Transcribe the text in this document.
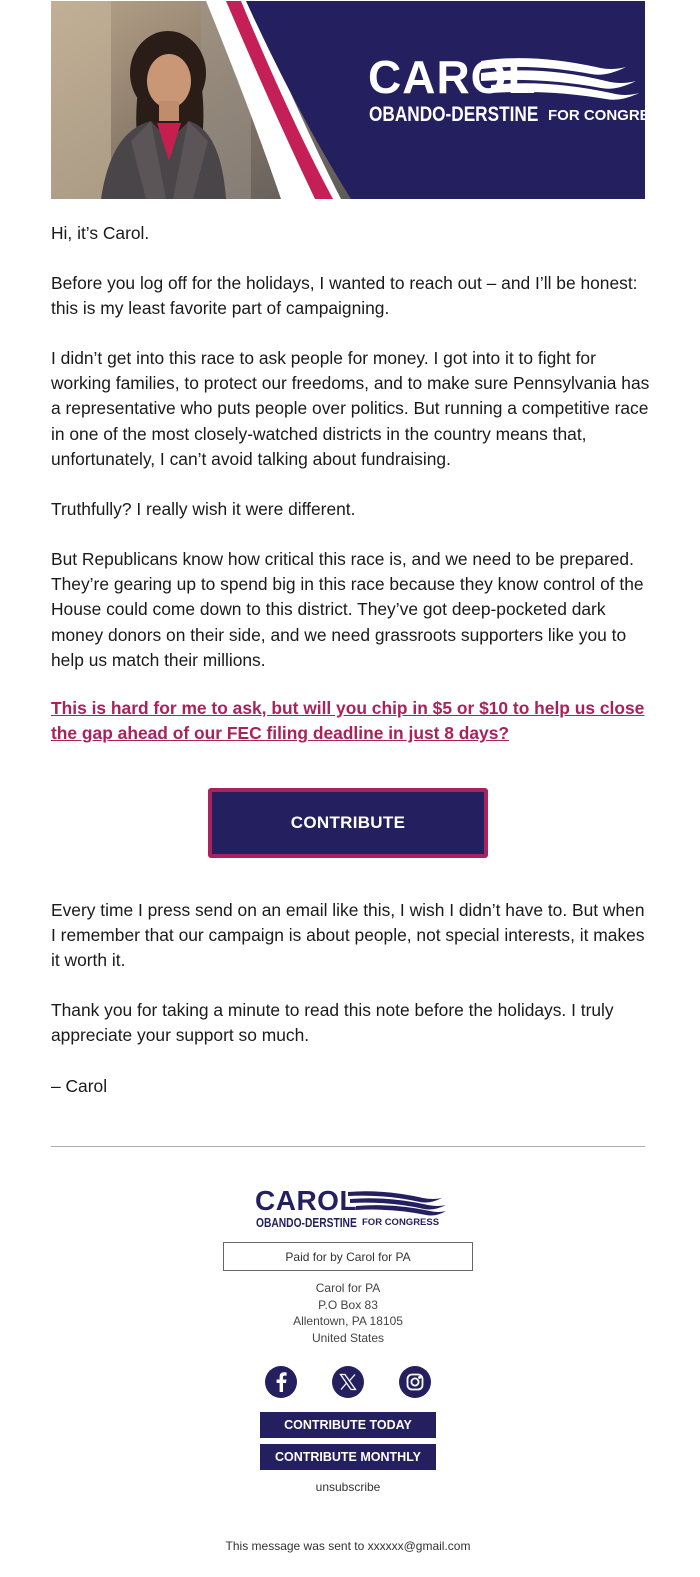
CAROL
OBANDO-DERSTINE FOR CONGRESS
Hi, it’s Carol.
Before you log off for the holidays, I wanted to reach out – and I’ll be honest: this is my least favorite part of campaigning.
I didn’t get into this race to ask people for money. I got into it to fight for working families, to protect our freedoms, and to make sure Pennsylvania has a representative who puts people over politics. But running a competitive race in one of the most closely-watched districts in the country means that, unfortunately, I can’t avoid talking about fundraising.
Truthfully? I really wish it were different.
But Republicans know how critical this race is, and we need to be prepared. They’re gearing up to spend big in this race because they know control of the House could come down to this district. They’ve got deep-pocketed dark money donors on their side, and we need grassroots supporters like you to help us match their millions.
This is hard for me to ask, but will you chip in $5 or $10 to help us close the gap ahead of our FEC filing deadline in just 8 days?
CONTRIBUTE
Every time I press send on an email like this, I wish I didn’t have to. But when I remember that our campaign is about people, not special interests, it makes it worth it.
Thank you for taking a minute to read this note before the holidays. I truly appreciate your support so much.
– Carol
CAROL
OBANDO-DERSTINE FOR CONGRESS
Paid for by Carol for PA
Carol for PA
P.O Box 83
Allentown, PA 18105
United States
CONTRIBUTE TODAY
CONTRIBUTE MONTHLY
unsubscribe
This message was sent to xxxxxx@gmail.com
